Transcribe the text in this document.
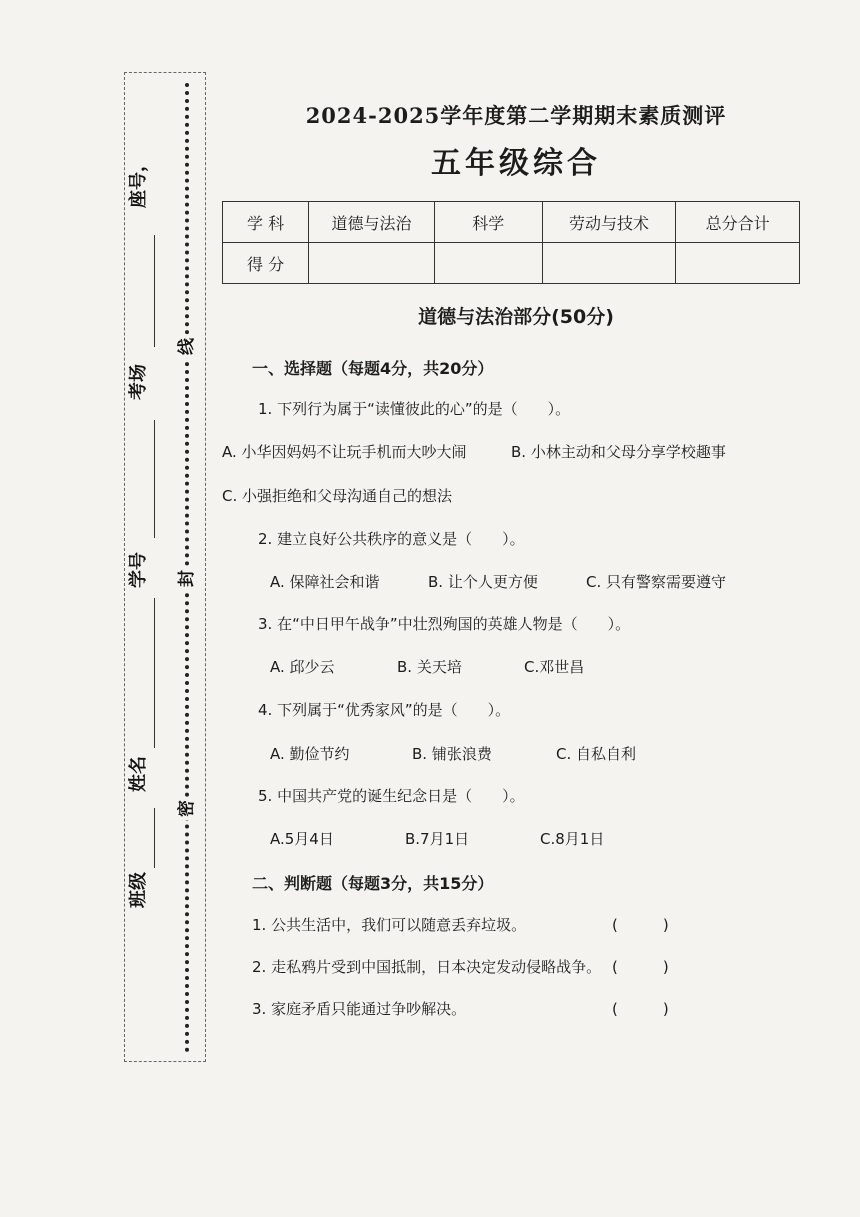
班级
姓名
学号
考场
座号
，
密
封
线
2024-2025学年度第二学期期末素质测评
五年级综合
学 科	道德与法治	科学	劳动与技术	总分合计
得 分				
道德与法治部分(50分)
一、选择题（每题4分，共20分）
1. 下列行为属于“读懂彼此的心”的是（　　）。
A. 小华因妈妈不让玩手机而大吵大闹	B. 小林主动和父母分享学校趣事
C. 小强拒绝和父母沟通自己的想法
2. 建立良好公共秩序的意义是（　　）。
A. 保障社会和谐	B. 让个人更方便	C. 只有警察需要遵守
3. 在“中日甲午战争”中壮烈殉国的英雄人物是（　　）。
A. 邱少云	B. 关天培	C.邓世昌
4. 下列属于“优秀家风”的是（　　）。
A. 勤俭节约	B. 铺张浪费	C. 自私自利
5. 中国共产党的诞生纪念日是（　　）。
A.5月4日	B.7月1日	C.8月1日
二、判断题（每题3分，共15分）
1. 公共生活中，我们可以随意丢弃垃圾。	(　　　)
2. 走私鸦片受到中国抵制，日本决定发动侵略战争。 (　　　)
3. 家庭矛盾只能通过争吵解决。	(　　　)
